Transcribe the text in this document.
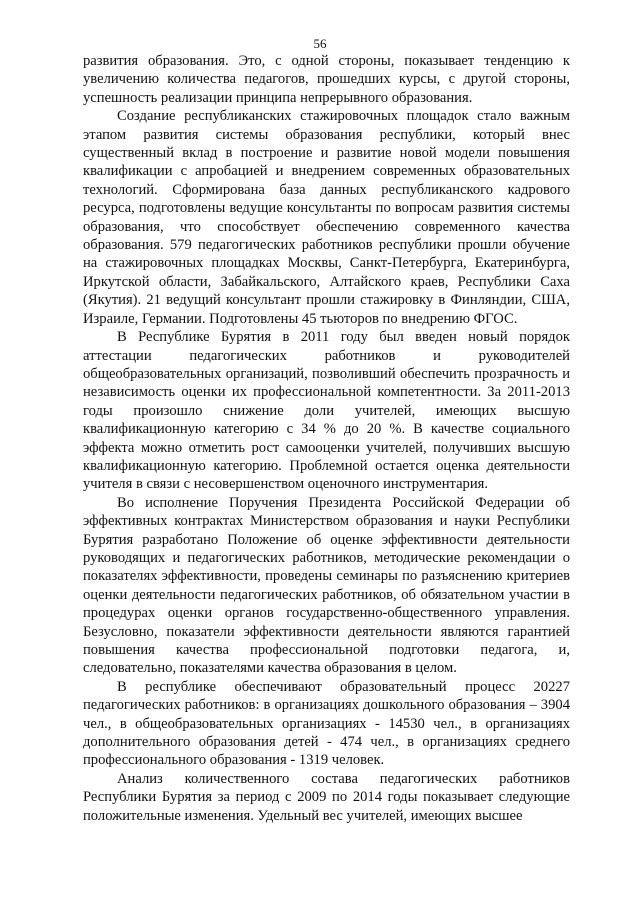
56

развития образования. Это, с одной стороны, показывает тенденцию к увеличению количества педагогов, прошедших курсы, с другой стороны, успешность реализации принципа непрерывного образования.

Создание республиканских стажировочных площадок стало важным этапом развития системы образования республики, который внес существенный вклад в построение и развитие новой модели повышения квалификации с апробацией и внедрением современных образовательных технологий. Сформирована база данных республиканского кадрового ресурса, подготовлены ведущие консультанты по вопросам развития системы образования, что способствует обеспечению современного качества образования. 579 педагогических работников республики прошли обучение на стажировочных площадках Москвы, Санкт-Петербурга, Екатеринбурга, Иркутской области, Забайкальского, Алтайского краев, Республики Саха (Якутия). 21 ведущий консультант прошли стажировку в Финляндии, США, Израиле, Германии. Подготовлены 45 тьюторов по внедрению ФГОС.

В Республике Бурятия в 2011 году был введен новый порядок аттестации педагогических работников и руководителей общеобразовательных организаций, позволивший обеспечить прозрачность и независимость оценки их профессиональной компетентности. За 2011-2013 годы произошло снижение доли учителей, имеющих высшую квалификационную категорию с 34 % до 20 %. В качестве социального эффекта можно отметить рост самооценки учителей, получивших высшую квалификационную категорию. Проблемной остается оценка деятельности учителя в связи с несовершенством оценочного инструментария.

Во исполнение Поручения Президента Российской Федерации об эффективных контрактах Министерством образования и науки Республики Бурятия разработано Положение об оценке эффективности деятельности руководящих и педагогических работников, методические рекомендации о показателях эффективности, проведены семинары по разъяснению критериев оценки деятельности педагогических работников, об обязательном участии в процедурах оценки органов государственно-общественного управления. Безусловно, показатели эффективности деятельности являются гарантией повышения качества профессиональной подготовки педагога, и, следовательно, показателями качества образования в целом.

В республике обеспечивают образовательный процесс 20227 педагогических работников: в организациях дошкольного образования – 3904 чел., в общеобразовательных организациях - 14530 чел., в организациях дополнительного образования детей - 474 чел., в организациях среднего профессионального образования - 1319 человек.

Анализ количественного состава педагогических работников Республики Бурятия за период с 2009 по 2014 годы показывает следующие положительные изменения. Удельный вес учителей, имеющих высшее
